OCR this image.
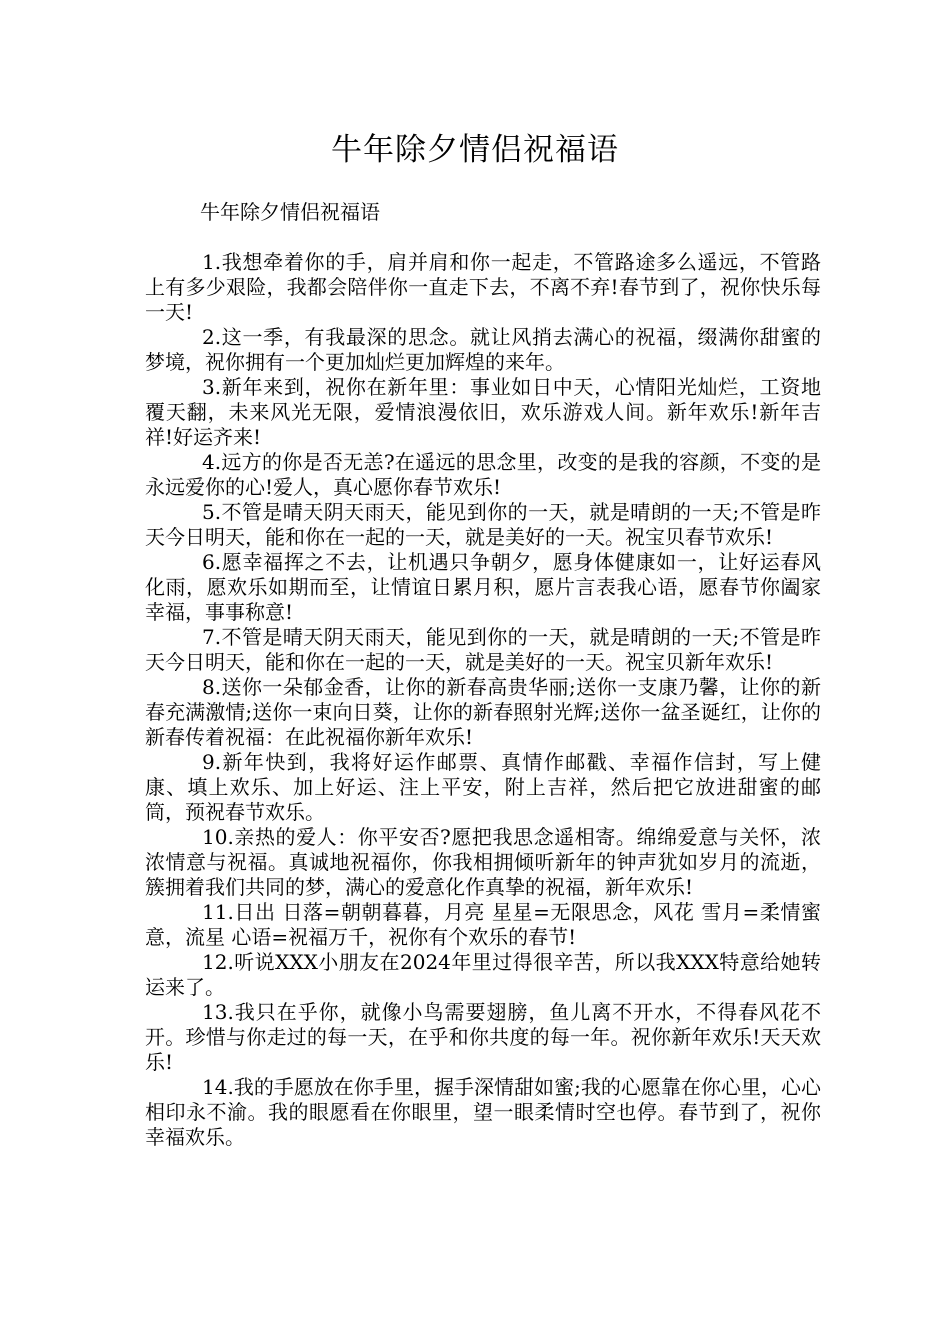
牛年除夕情侣祝福语

牛年除夕情侣祝福语

1.我想牵着你的手，肩并肩和你一起走，不管路途多么遥远，不管路上有多少艰险，我都会陪伴你一直走下去，不离不弃!春节到了，祝你快乐每一天!

2.这一季，有我最深的思念。就让风捎去满心的祝福，缀满你甜蜜的梦境，祝你拥有一个更加灿烂更加辉煌的来年。

3.新年来到，祝你在新年里：事业如日中天，心情阳光灿烂，工资地覆天翻，未来风光无限，爱情浪漫依旧，欢乐游戏人间。新年欢乐!新年吉祥!好运齐来!

4.远方的你是否无恙?在遥远的思念里，改变的是我的容颜，不变的是永远爱你的心!爱人，真心愿你春节欢乐!

5.不管是晴天阴天雨天，能见到你的一天，就是晴朗的一天;不管是昨天今日明天，能和你在一起的一天，就是美好的一天。祝宝贝春节欢乐!

6.愿幸福挥之不去，让机遇只争朝夕，愿身体健康如一，让好运春风化雨，愿欢乐如期而至，让情谊日累月积，愿片言表我心语，愿春节你阖家幸福，事事称意!

7.不管是晴天阴天雨天，能见到你的一天，就是晴朗的一天;不管是昨天今日明天，能和你在一起的一天，就是美好的一天。祝宝贝新年欢乐!

8.送你一朵郁金香，让你的新春高贵华丽;送你一支康乃馨，让你的新春充满激情;送你一束向日葵，让你的新春照射光辉;送你一盆圣诞红，让你的新春传着祝福：在此祝福你新年欢乐!

9.新年快到，我将好运作邮票、真情作邮戳、幸福作信封，写上健康、填上欢乐、加上好运、注上平安，附上吉祥，然后把它放进甜蜜的邮筒，预祝春节欢乐。

10.亲热的爱人：你平安否?愿把我思念遥相寄。绵绵爱意与关怀，浓浓情意与祝福。真诚地祝福你，你我相拥倾听新年的钟声犹如岁月的流逝，簇拥着我们共同的梦，满心的爱意化作真挚的祝福，新年欢乐!

11.日出 日落=朝朝暮暮，月亮 星星=无限思念，风花 雪月=柔情蜜意，流星 心语=祝福万千，祝你有个欢乐的春节!

12.听说XXX小朋友在2024年里过得很辛苦，所以我XXX特意给她转运来了。

13.我只在乎你，就像小鸟需要翅膀，鱼儿离不开水，不得春风花不开。珍惜与你走过的每一天，在乎和你共度的每一年。祝你新年欢乐!天天欢乐!

14.我的手愿放在你手里，握手深情甜如蜜;我的心愿靠在你心里，心心相印永不渝。我的眼愿看在你眼里，望一眼柔情时空也停。春节到了，祝你幸福欢乐。
